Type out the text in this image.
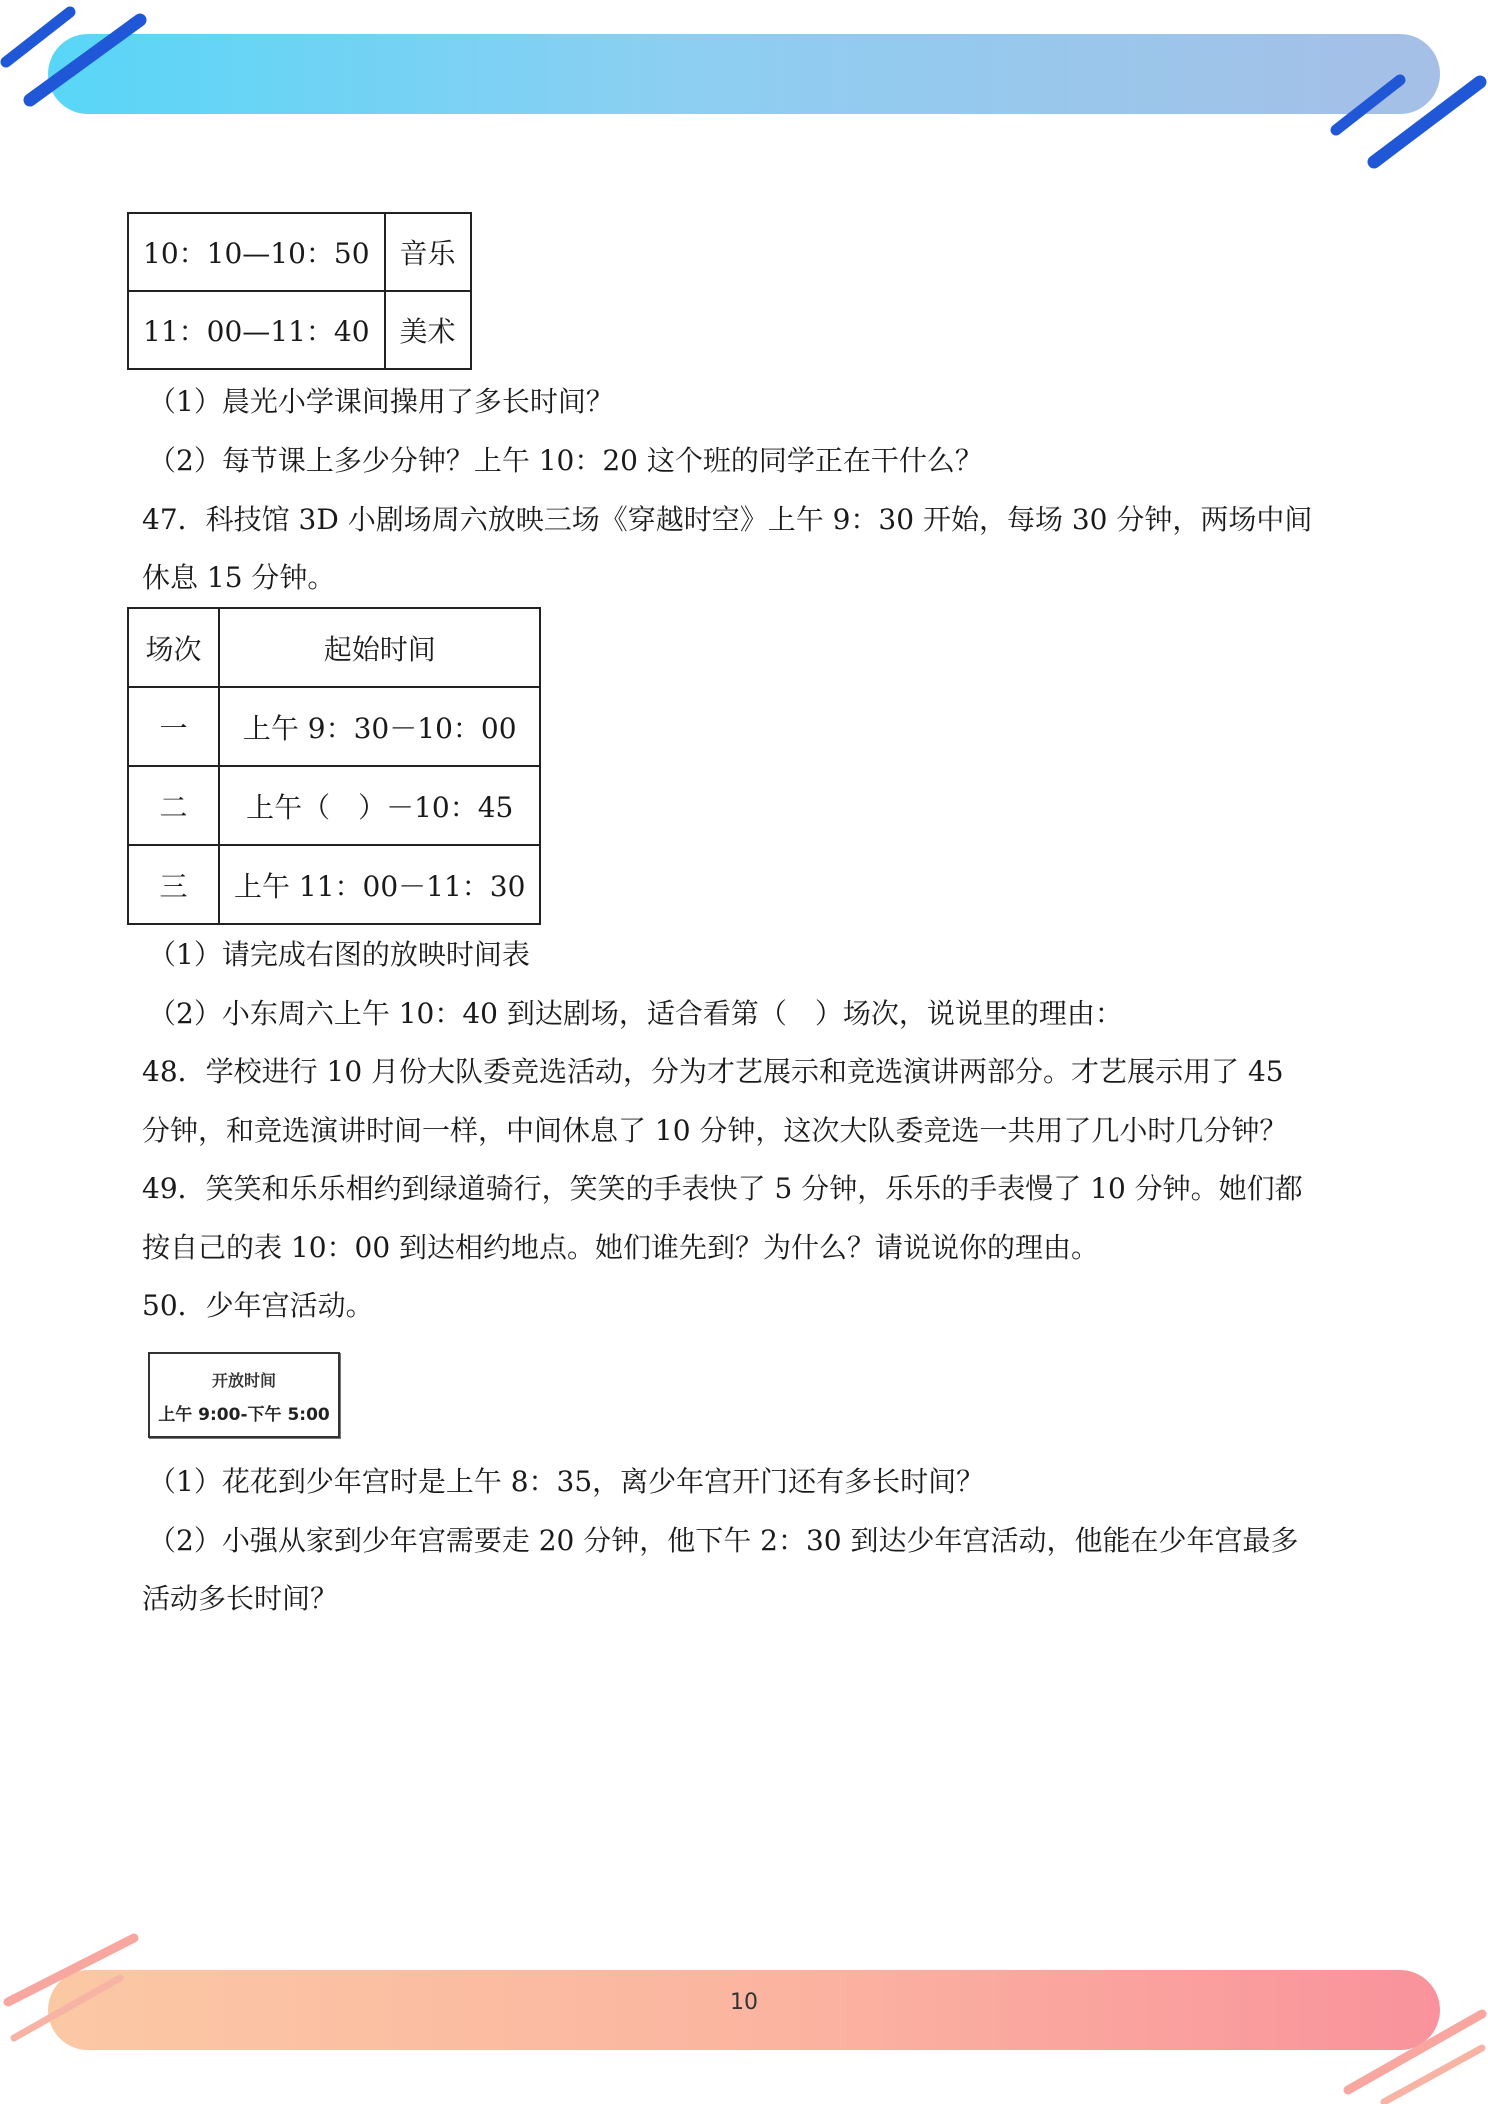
10：10—10：50	音乐
11：00—11：40	美术
（1）晨光小学课间操用了多长时间？
（2）每节课上多少分钟？上午 10：20 这个班的同学正在干什么？
47．科技馆 3D 小剧场周六放映三场《穿越时空》上午 9：30 开始，每场 30 分钟，两场中间
休息 15 分钟。
场次	起始时间
一	上午 9：30－10：00
二	上午（　）－10：45
三	上午 11：00－11：30
（1）请完成右图的放映时间表
（2）小东周六上午 10：40 到达剧场，适合看第（　）场次，说说里的理由：
48．学校进行 10 月份大队委竞选活动，分为才艺展示和竞选演讲两部分。才艺展示用了 45
分钟，和竞选演讲时间一样，中间休息了 10 分钟，这次大队委竞选一共用了几小时几分钟？
49．笑笑和乐乐相约到绿道骑行，笑笑的手表快了 5 分钟，乐乐的手表慢了 10 分钟。她们都
按自己的表 10：00 到达相约地点。她们谁先到？为什么？请说说你的理由。
50．少年宫活动。
开放时间
上午 9:00-下午 5:00
（1）花花到少年宫时是上午 8：35，离少年宫开门还有多长时间？
（2）小强从家到少年宫需要走 20 分钟，他下午 2：30 到达少年宫活动，他能在少年宫最多
活动多长时间？
10
